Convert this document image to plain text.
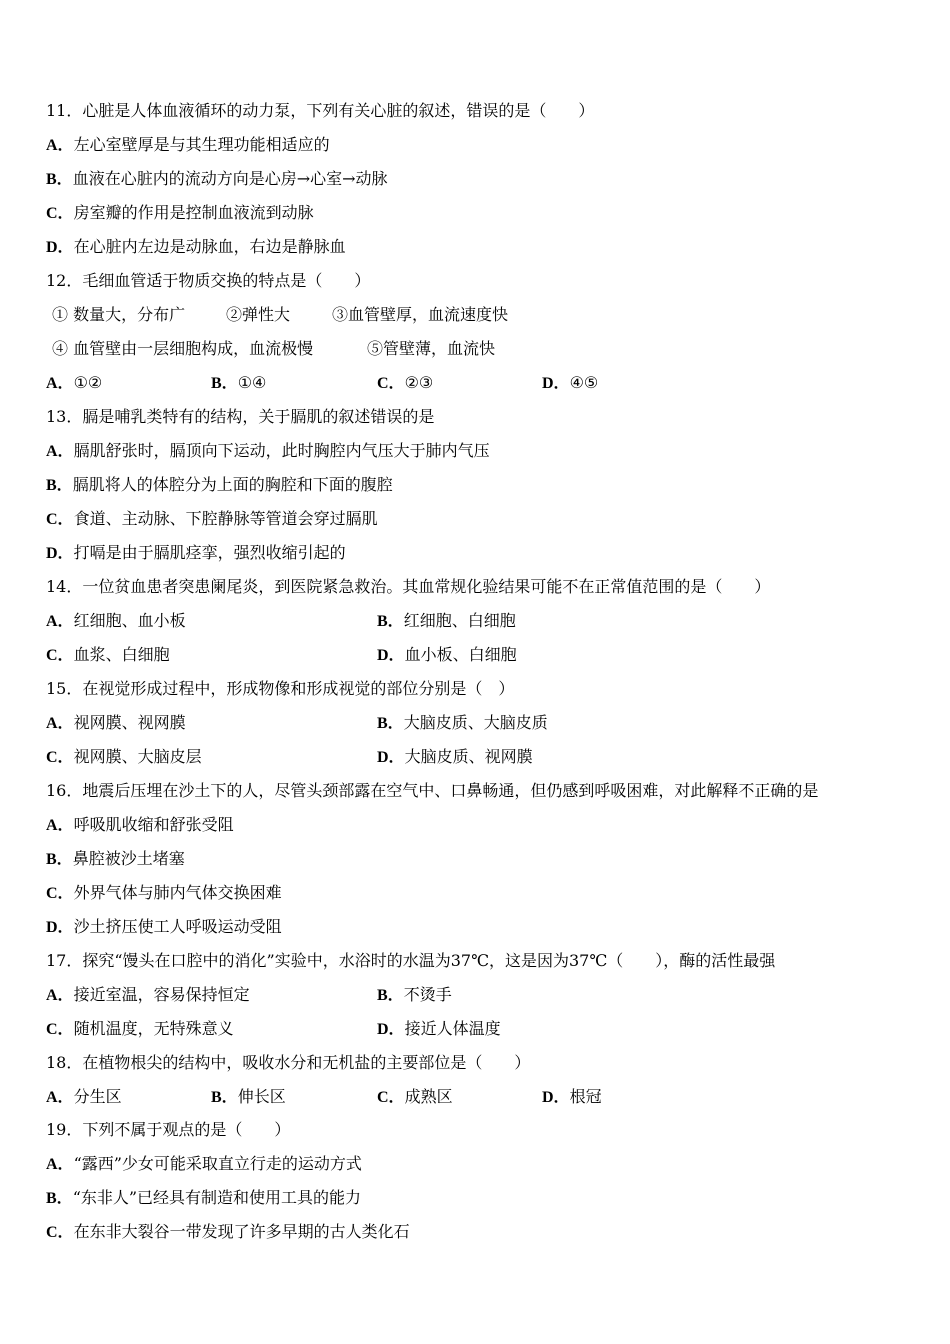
11．心脏是人体血液循环的动力泵，下列有关心脏的叙述，错误的是（　　）
A．左心室壁厚是与其生理功能相适应的
B．血液在心脏内的流动方向是心房→心室→动脉
C．房室瓣的作用是控制血液流到动脉
D．在心脏内左边是动脉血，右边是静脉血
12．毛细血管适于物质交换的特点是（　　）
① 数量大，分布广	②弹性大	③血管壁厚，血流速度快
④ 血管壁由一层细胞构成，血流极慢	⑤管壁薄，血流快
A．①②	B．①④	C．②③	D．④⑤
13．膈是哺乳类特有的结构，关于膈肌的叙述错误的是
A．膈肌舒张时，膈顶向下运动，此时胸腔内气压大于肺内气压
B．膈肌将人的体腔分为上面的胸腔和下面的腹腔
C．食道、主动脉、下腔静脉等管道会穿过膈肌
D．打嗝是由于膈肌痉挛，强烈收缩引起的
14．一位贫血患者突患阑尾炎，到医院紧急救治。其血常规化验结果可能不在正常值范围的是（　　）
A．红细胞、血小板	B．红细胞、白细胞
C．血浆、白细胞	D．血小板、白细胞
15．在视觉形成过程中，形成物像和形成视觉的部位分别是（　）
A．视网膜、视网膜	B．大脑皮质、大脑皮质
C．视网膜、大脑皮层	D．大脑皮质、视网膜
16．地震后压埋在沙土下的人，尽管头颈部露在空气中、口鼻畅通，但仍感到呼吸困难，对此解释不正确的是
A．呼吸肌收缩和舒张受阻
B．鼻腔被沙土堵塞
C．外界气体与肺内气体交换困难
D．沙土挤压使工人呼吸运动受阻
17．探究“馒头在口腔中的消化”实验中，水浴时的水温为37℃，这是因为37℃（　　），酶的活性最强
A．接近室温，容易保持恒定	B．不烫手
C．随机温度，无特殊意义	D．接近人体温度
18．在植物根尖的结构中，吸收水分和无机盐的主要部位是（　　）
A．分生区	B．伸长区	C．成熟区	D．根冠
19．下列不属于观点的是（　　）
A．“露西”少女可能采取直立行走的运动方式
B．“东非人”已经具有制造和使用工具的能力
C．在东非大裂谷一带发现了许多早期的古人类化石
